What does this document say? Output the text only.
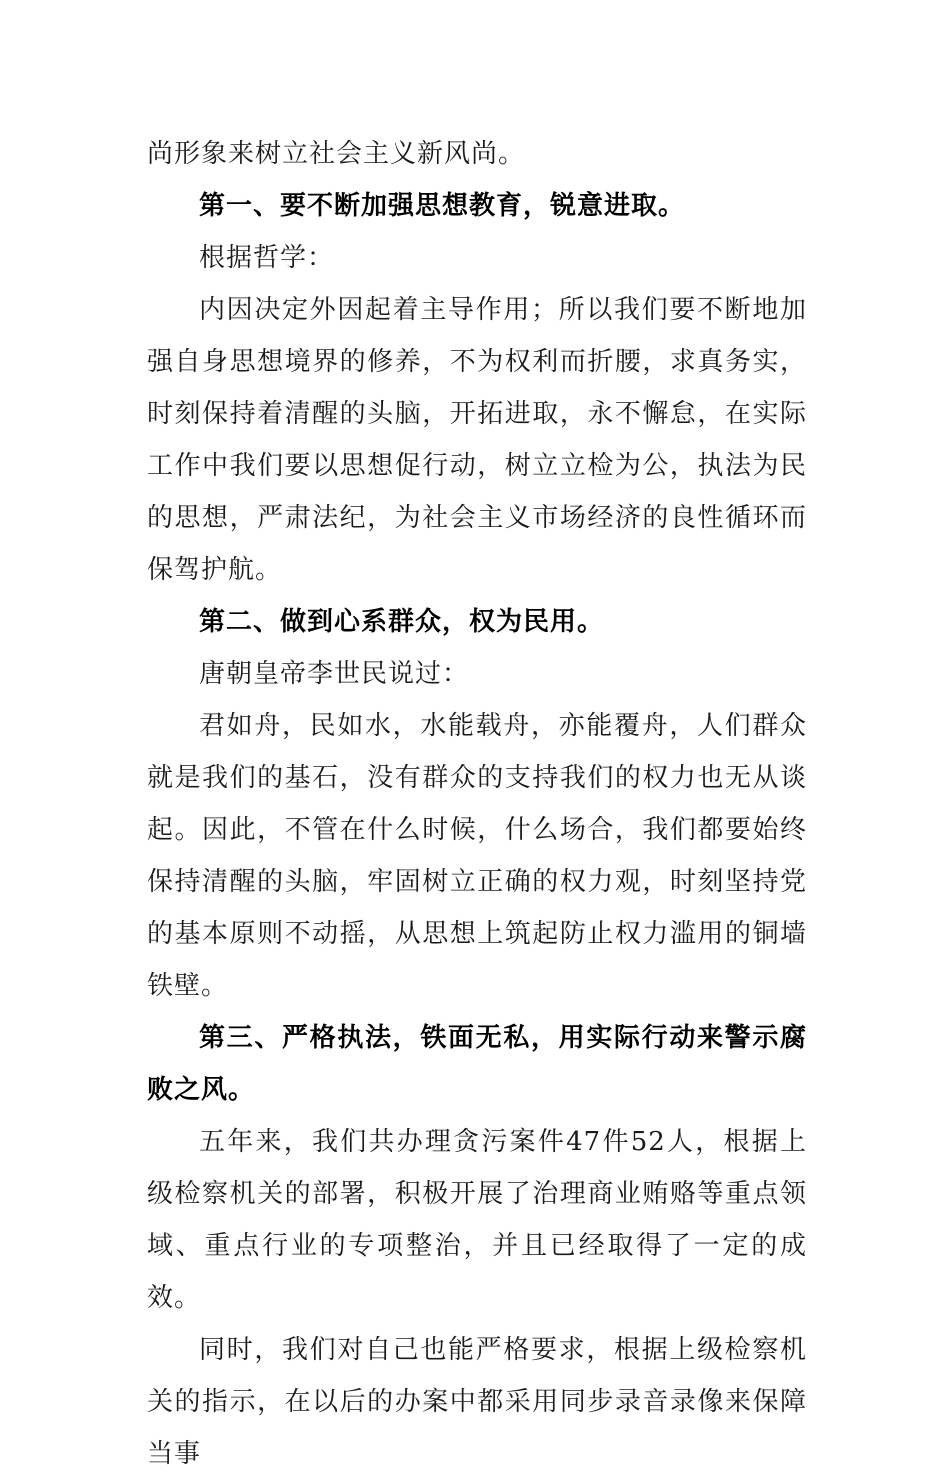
尚形象来树立社会主义新风尚。

第一、要不断加强思想教育，锐意进取。

根据哲学：

内因决定外因起着主导作用；所以我们要不断地加强自身思想境界的修养，不为权利而折腰，求真务实，时刻保持着清醒的头脑，开拓进取，永不懈怠，在实际工作中我们要以思想促行动，树立立检为公，执法为民的思想，严肃法纪，为社会主义市场经济的良性循环而保驾护航。

第二、做到心系群众，权为民用。

唐朝皇帝李世民说过：

君如舟，民如水，水能载舟，亦能覆舟，人们群众就是我们的基石，没有群众的支持我们的权力也无从谈起。因此，不管在什么时候，什么场合，我们都要始终保持清醒的头脑，牢固树立正确的权力观，时刻坚持党的基本原则不动摇，从思想上筑起防止权力滥用的铜墙铁壁。

第三、严格执法，铁面无私，用实际行动来警示腐败之风。

五年来，我们共办理贪污案件47件52人，根据上级检察机关的部署，积极开展了治理商业贿赂等重点领域、重点行业的专项整治，并且已经取得了一定的成效。

同时，我们对自己也能严格要求，根据上级检察机关的指示，在以后的办案中都采用同步录音录像来保障当事
